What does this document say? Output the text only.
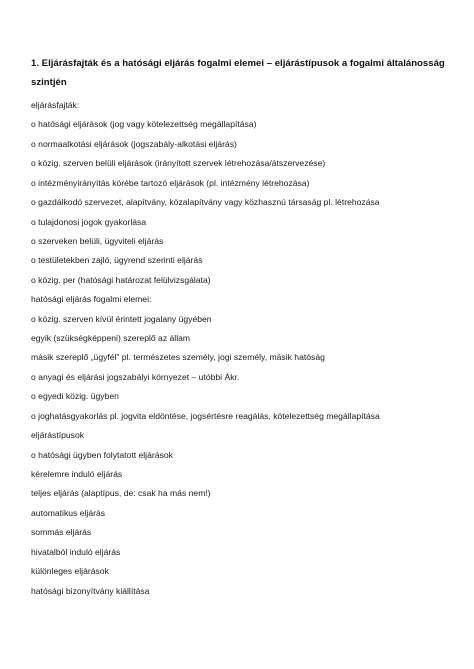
1. Eljárásfajták és a hatósági eljárás fogalmi elemei – eljárástípusok a fogalmi általánosság szintjén
eljárásfajták:
o hatósági eljárások (jog vagy kötelezettség megállapítása)
o normaalkotási eljárások (jogszabály-alkotási eljárás)
o közig. szerven belüli eljárások (irányított szervek létrehozása/átszervezése)
o intézményirányítás körébe tartozó eljárások (pl. intézmény létrehozása)
o gazdálkodó szervezet, alapítvány, közalapítvány vagy közhasznú társaság pl. létrehozása
o tulajdonosi jogok gyakorlása
o szerveken belüli, ügyviteli eljárás
o testületekben zajló, ügyrend szerinti eljárás
o közig. per (hatósági határozat felülvizsgálata)
hatósági eljárás fogalmi elemei:
o közig. szerven kívül érintett jogalany ügyében
egyik (szükségképpeni) szereplő az állam
másik szereplő „ügyfél” pl. természetes személy, jogi személy, másik hatóság
o anyagi és eljárási jogszabályi környezet – utóbbi Ákr.
o egyedi közig. ügyben
o joghatásgyakorlás pl. jogvita eldöntése, jogsértésre reagálás, kötelezettség megállapítása
eljárástípusok
o hatósági ügyben folytatott eljárások
kérelemre induló eljárás
teljes eljárás (alaptípus, de: csak ha más nem!)
automatikus eljárás
sommás eljárás
hivatalból induló eljárás
különleges eljárások
hatósági bizonyítvány kiállítása
